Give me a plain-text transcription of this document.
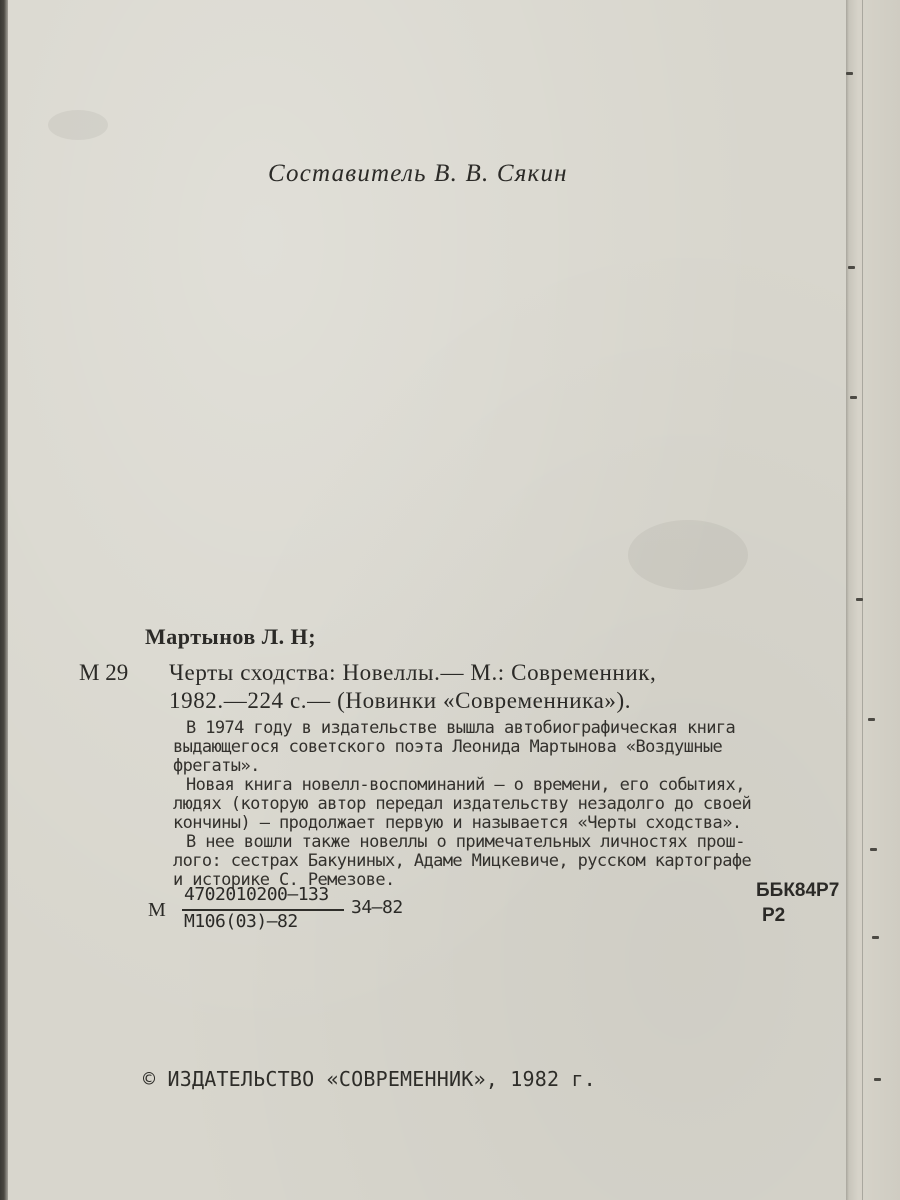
Составитель В. В. Сякин
Мартынов Л. Н;
М 29 Черты сходства: Новеллы.— М.: Современник,
1982.—224 с.— (Новинки «Современника»).
В 1974 году в издательстве вышла автобиографическая книга
выдающегося советского поэта Леонида Мартынова «Воздушные
фрегаты».
Новая книга новелл-воспоминаний — о времени, его событиях,
людях (которую автор передал издательству незадолго до своей
кончины) — продолжает первую и называется «Черты сходства».
В нее вошли также новеллы о примечательных личностях прош-
лого: сестрах Бакуниных, Адаме Мицкевиче, русском картографе
и историке С. Ремезове.
М
4702010200—133
М106(03)—82
34—82
ББК84Р7
Р2
© ИЗДАТЕЛЬСТВО «СОВРЕМЕННИК», 1982 г.
